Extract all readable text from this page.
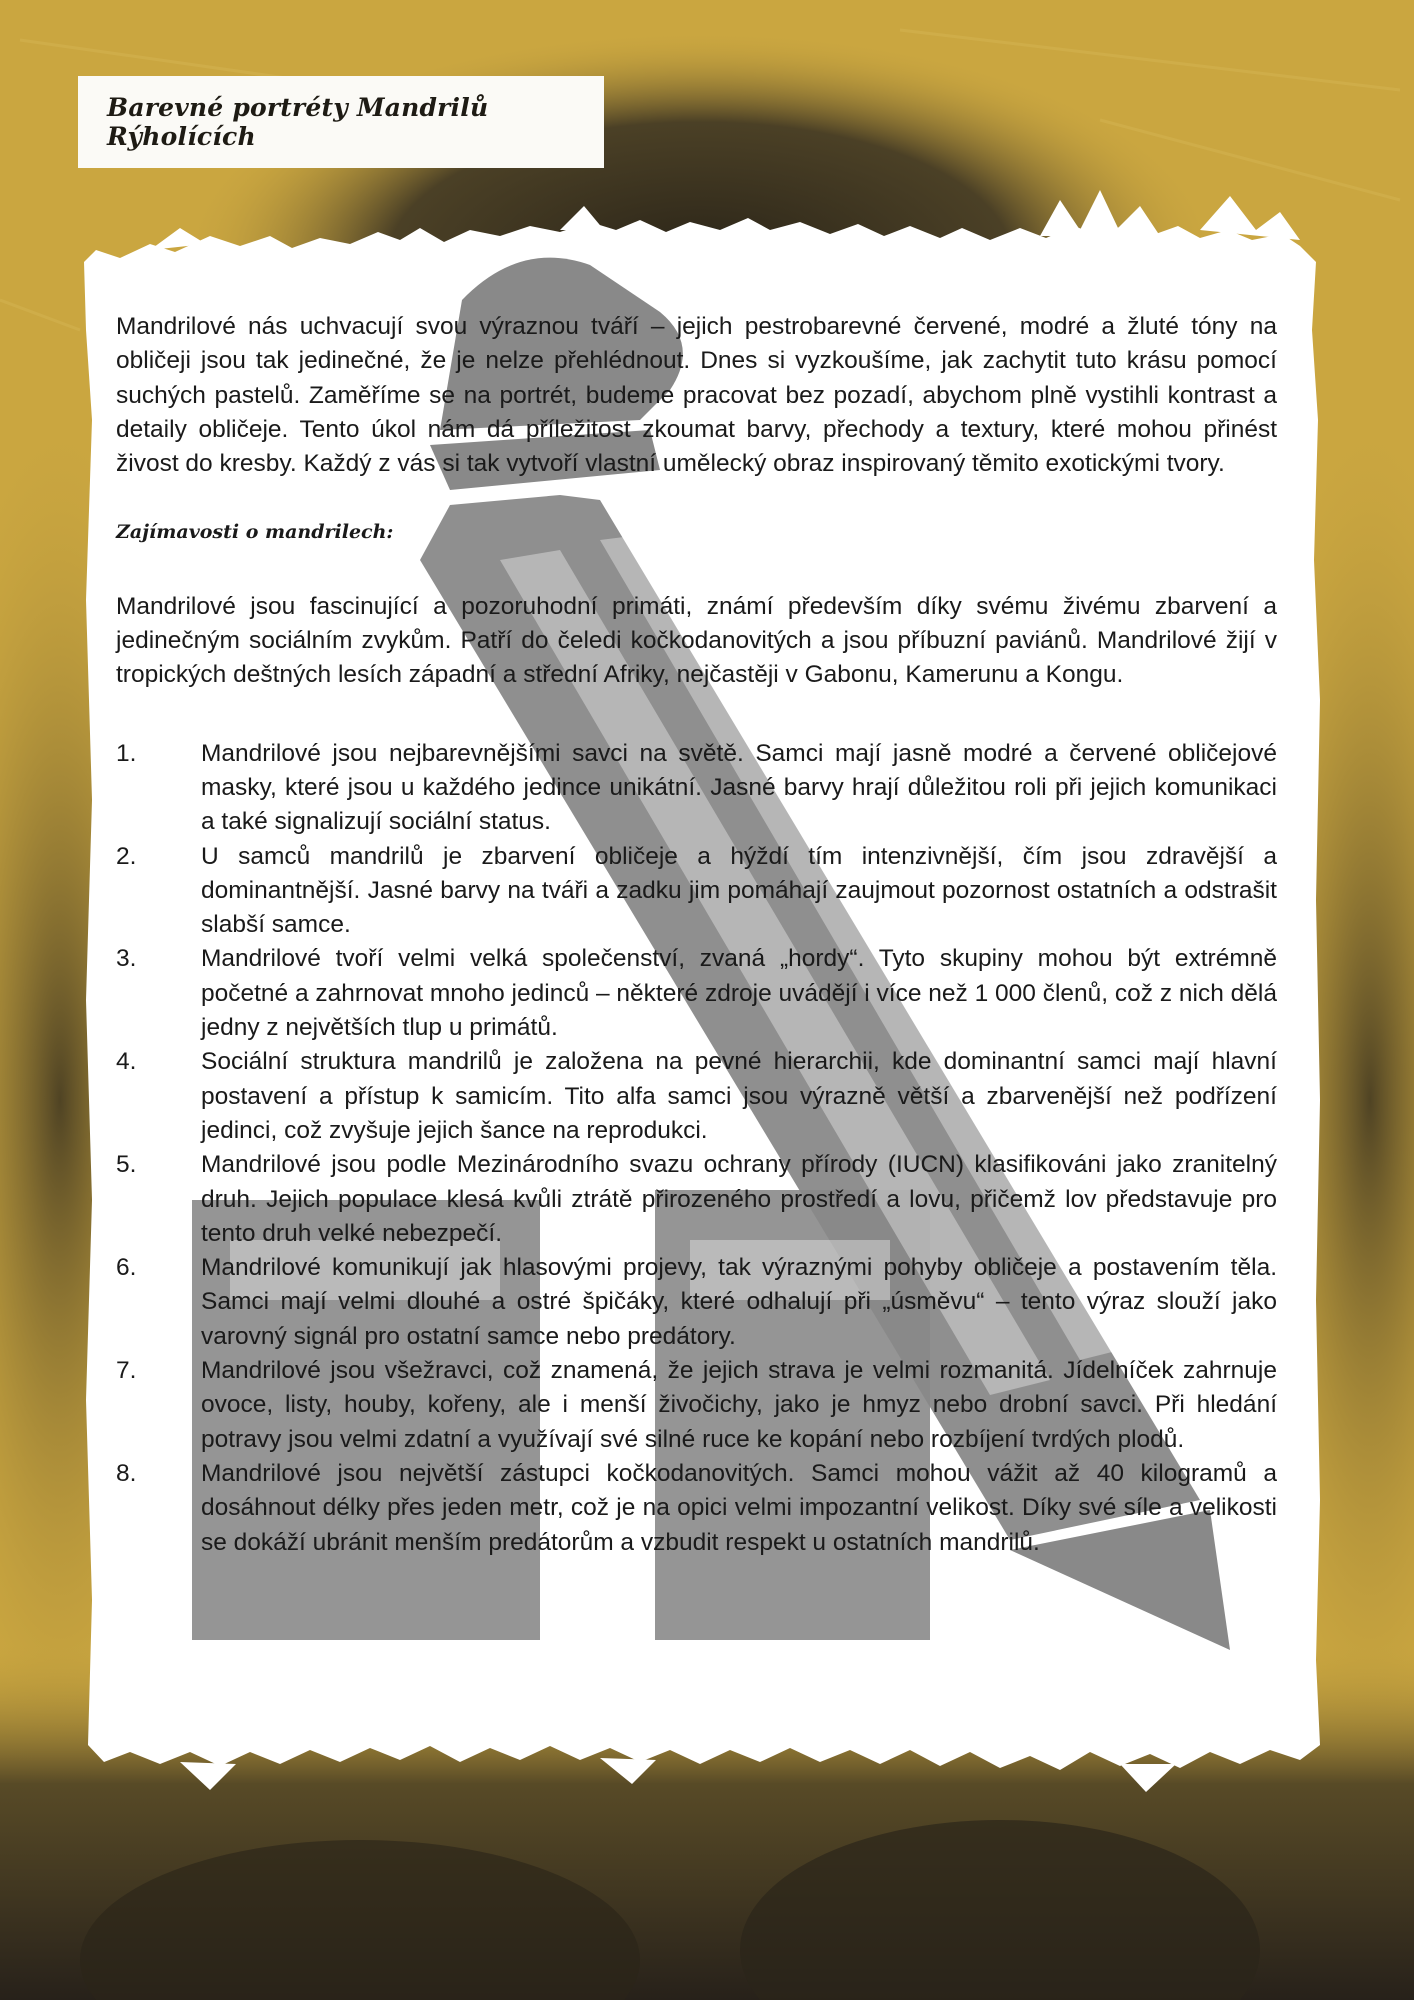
Barevné portréty Mandrilů Rýholících

Mandrilové nás uchvacují svou výraznou tváří – jejich pestrobarevné červené, modré a žluté tóny na obličeji jsou tak jedinečné, že je nelze přehlédnout. Dnes si vyzkoušíme, jak zachytit tuto krásu pomocí suchých pastelů. Zaměříme se na portrét, budeme pracovat bez pozadí, abychom plně vystihli kontrast a detaily obličeje. Tento úkol nám dá příležitost zkoumat barvy, přechody a textury, které mohou přinést živost do kresby. Každý z vás si tak vytvoří vlastní umělecký obraz inspirovaný těmito exotickými tvory.

Zajímavosti o mandrilech:

Mandrilové jsou fascinující a pozoruhodní primáti, známí především díky svému živému zbarvení a jedinečným sociálním zvykům. Patří do čeledi kočkodanovitých a jsou příbuzní paviánů. Mandrilové žijí v tropických deštných lesích západní a střední Afriky, nejčastěji v Gabonu, Kamerunu a Kongu.

1.	Mandrilové jsou nejbarevnějšími savci na světě. Samci mají jasně modré a červené obličejové masky, které jsou u každého jedince unikátní. Jasné barvy hrají důležitou roli při jejich komunikaci a také signalizují sociální status.
2.	U samců mandrilů je zbarvení obličeje a hýždí tím intenzivnější, čím jsou zdravější a dominantnější. Jasné barvy na tváři a zadku jim pomáhají zaujmout pozornost ostatních a odstrašit slabší samce.
3.	Mandrilové tvoří velmi velká společenství, zvaná „hordy“. Tyto skupiny mohou být extrémně početné a zahrnovat mnoho jedinců – některé zdroje uvádějí i více než 1 000 členů, což z nich dělá jedny z největších tlup u primátů.
4.	Sociální struktura mandrilů je založena na pevné hierarchii, kde dominantní samci mají hlavní postavení a přístup k samicím. Tito alfa samci jsou výrazně větší a zbarvenější než podřízení jedinci, což zvyšuje jejich šance na reprodukci.
5.	Mandrilové jsou podle Mezinárodního svazu ochrany přírody (IUCN) klasifikováni jako zranitelný druh. Jejich populace klesá kvůli ztrátě přirozeného prostředí a lovu, přičemž lov představuje pro tento druh velké nebezpečí.
6.	Mandrilové komunikují jak hlasovými projevy, tak výraznými pohyby obličeje a postavením těla. Samci mají velmi dlouhé a ostré špičáky, které odhalují při „úsměvu“ – tento výraz slouží jako varovný signál pro ostatní samce nebo predátory.
7.	Mandrilové jsou všežravci, což znamená, že jejich strava je velmi rozmanitá. Jídelníček zahrnuje ovoce, listy, houby, kořeny, ale i menší živočichy, jako je hmyz nebo drobní savci. Při hledání potravy jsou velmi zdatní a využívají své silné ruce ke kopání nebo rozbíjení tvrdých plodů.
8.	Mandrilové jsou největší zástupci kočkodanovitých. Samci mohou vážit až 40 kilogramů a dosáhnout délky přes jeden metr, což je na opici velmi impozantní velikost. Díky své síle a velikosti se dokáží ubránit menším predátorům a vzbudit respekt u ostatních mandrilů.
